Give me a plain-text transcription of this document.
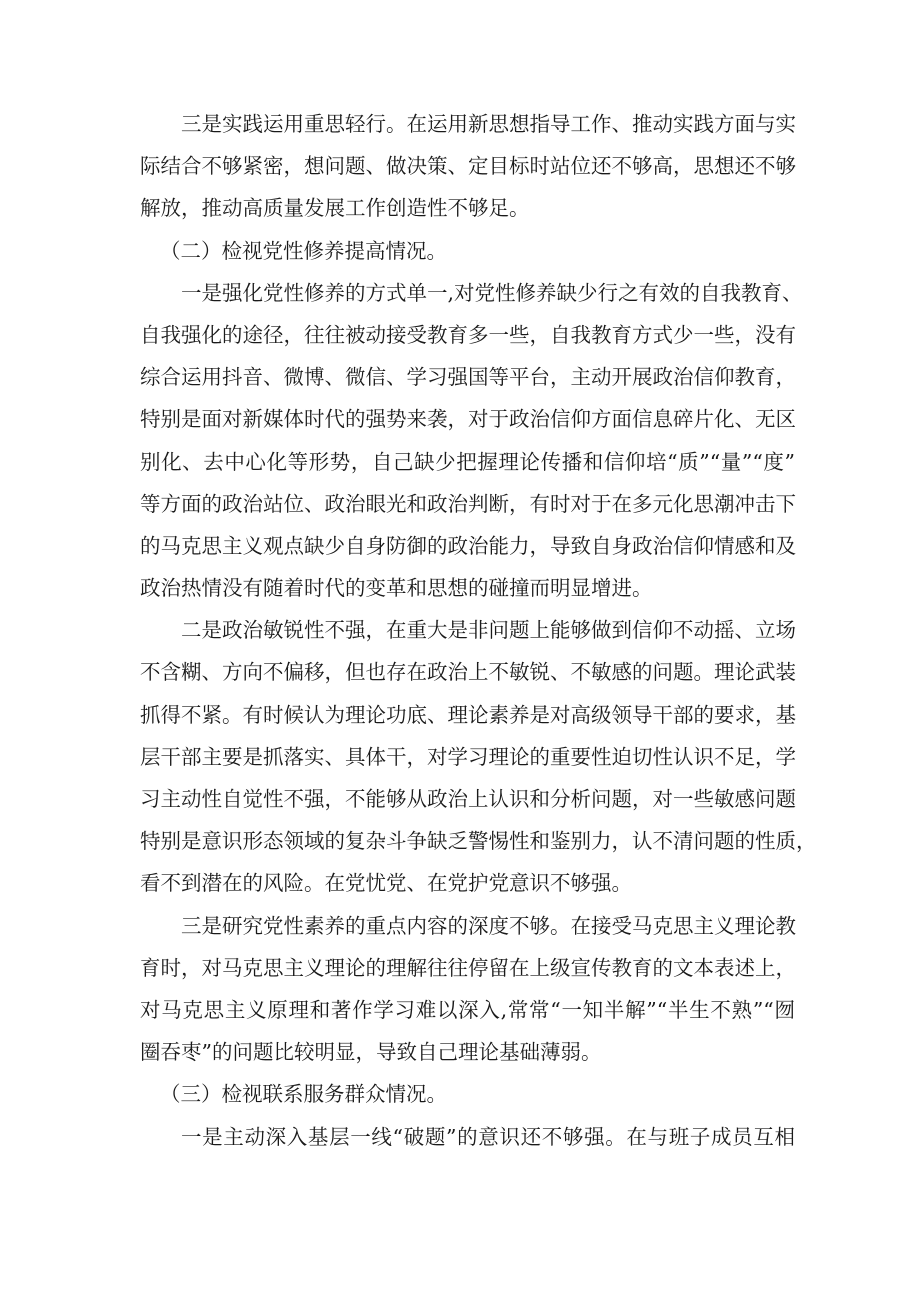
三是实践运用重思轻行。在运用新思想指导工作、推动实践方面与实
际结合不够紧密，想问题、做决策、定目标时站位还不够高，思想还不够
解放，推动高质量发展工作创造性不够足。
（二）检视党性修养提高情况。
一是强化党性修养的方式单一,对党性修养缺少行之有效的自我教育、
自我强化的途径，往往被动接受教育多一些，自我教育方式少一些，没有
综合运用抖音、微博、微信、学习强国等平台，主动开展政治信仰教育，
特别是面对新媒体时代的强势来袭，对于政治信仰方面信息碎片化、无区
别化、去中心化等形势，自己缺少把握理论传播和信仰培“质”“量”“度”
等方面的政治站位、政治眼光和政治判断，有时对于在多元化思潮冲击下
的马克思主义观点缺少自身防御的政治能力，导致自身政治信仰情感和及
政治热情没有随着时代的变革和思想的碰撞而明显增进。
二是政治敏锐性不强，在重大是非问题上能够做到信仰不动摇、立场
不含糊、方向不偏移，但也存在政治上不敏锐、不敏感的问题。理论武装
抓得不紧。有时候认为理论功底、理论素养是对高级领导干部的要求，基
层干部主要是抓落实、具体干，对学习理论的重要性迫切性认识不足，学
习主动性自觉性不强，不能够从政治上认识和分析问题，对一些敏感问题
特别是意识形态领域的复杂斗争缺乏警惕性和鉴别力，认不清问题的性质，
看不到潜在的风险。在党忧党、在党护党意识不够强。
三是研究党性素养的重点内容的深度不够。在接受马克思主义理论教
育时，对马克思主义理论的理解往往停留在上级宣传教育的文本表述上，
对马克思主义原理和著作学习难以深入,常常“一知半解”“半生不熟”“囫
圈吞枣”的问题比较明显，导致自己理论基础薄弱。
（三）检视联系服务群众情况。
一是主动深入基层一线“破题”的意识还不够强。在与班子成员互相
